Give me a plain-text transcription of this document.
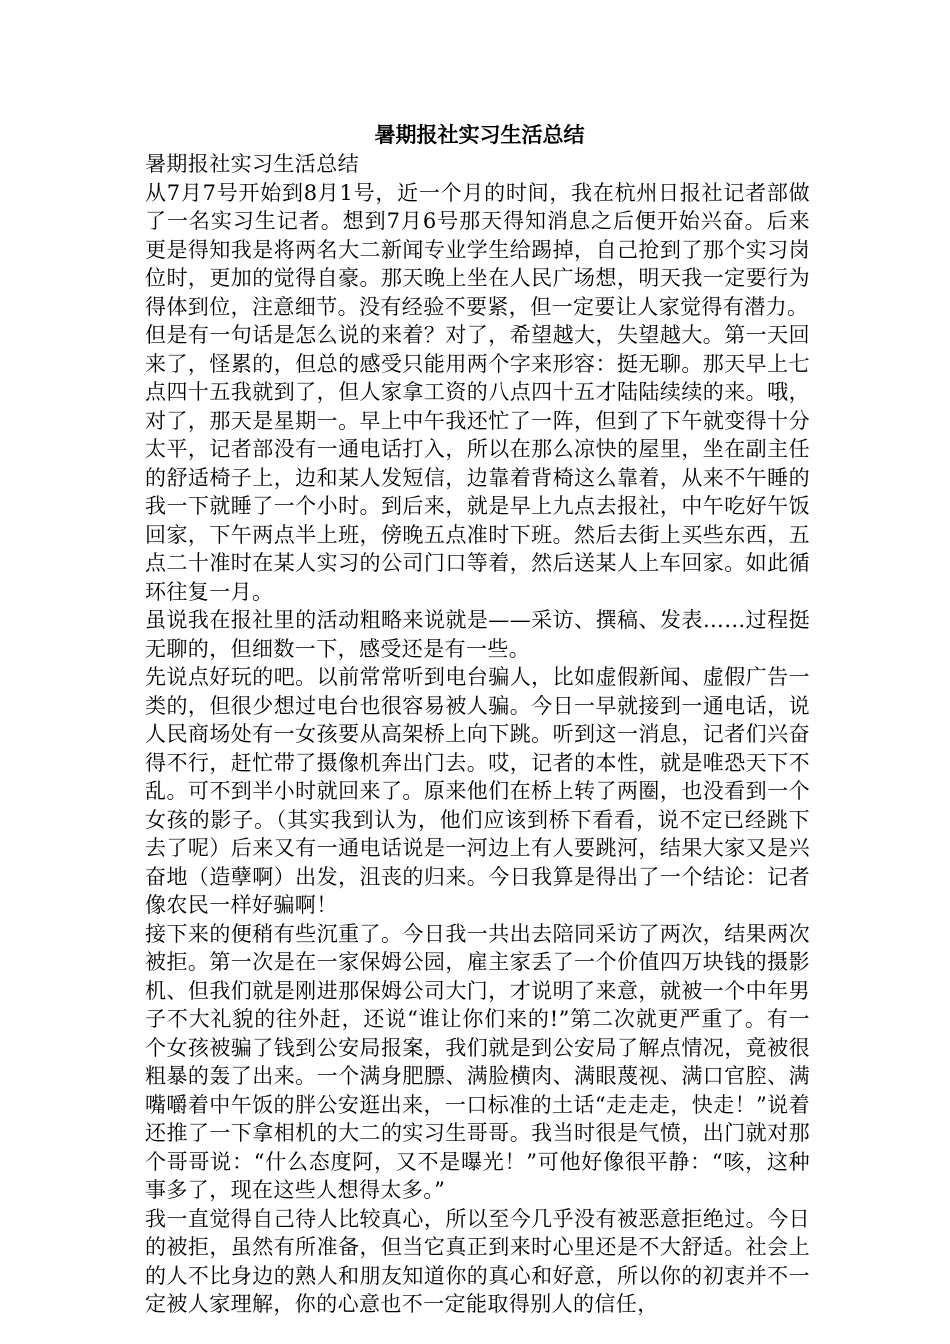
暑期报社实习生活总结

暑期报社实习生活总结

从7月7号开始到8月1号，近一个月的时间，我在杭州日报社记者部做了一名实习生记者。想到7月6号那天得知消息之后便开始兴奋。后来更是得知我是将两名大二新闻专业学生给踢掉，自己抢到了那个实习岗位时，更加的觉得自豪。那天晚上坐在人民广场想，明天我一定要行为得体到位，注意细节。没有经验不要紧，但一定要让人家觉得有潜力。

但是有一句话是怎么说的来着？对了，希望越大，失望越大。第一天回来了，怪累的，但总的感受只能用两个字来形容：挺无聊。那天早上七点四十五我就到了，但人家拿工资的八点四十五才陆陆续续的来。哦，对了，那天是星期一。早上中午我还忙了一阵，但到了下午就变得十分太平，记者部没有一通电话打入，所以在那么凉快的屋里，坐在副主任的舒适椅子上，边和某人发短信，边靠着背椅这么靠着，从来不午睡的我一下就睡了一个小时。到后来，就是早上九点去报社，中午吃好午饭回家，下午两点半上班，傍晚五点准时下班。然后去街上买些东西，五点二十准时在某人实习的公司门口等着，然后送某人上车回家。如此循环往复一月。

虽说我在报社里的活动粗略来说就是——采访、撰稿、发表……过程挺无聊的，但细数一下，感受还是有一些。

先说点好玩的吧。以前常常听到电台骗人，比如虚假新闻、虚假广告一类的，但很少想过电台也很容易被人骗。今日一早就接到一通电话，说人民商场处有一女孩要从高架桥上向下跳。听到这一消息，记者们兴奋得不行，赶忙带了摄像机奔出门去。哎，记者的本性，就是唯恐天下不乱。可不到半小时就回来了。原来他们在桥上转了两圈，也没看到一个女孩的影子。（其实我到认为，他们应该到桥下看看，说不定已经跳下去了呢）后来又有一通电话说是一河边上有人要跳河，结果大家又是兴奋地（造孽啊）出发，沮丧的归来。今日我算是得出了一个结论：记者像农民一样好骗啊！

接下来的便稍有些沉重了。今日我一共出去陪同采访了两次，结果两次被拒。第一次是在一家保姆公园，雇主家丢了一个价值四万块钱的摄影机、但我们就是刚进那保姆公司大门，才说明了来意，就被一个中年男子不大礼貌的往外赶，还说“谁让你们来的!”第二次就更严重了。有一个女孩被骗了钱到公安局报案，我们就是到公安局了解点情况，竟被很粗暴的轰了出来。一个满身肥膘、满脸横肉、满眼蔑视、满口官腔、满嘴嚼着中午饭的胖公安逛出来，一口标准的土话“走走走，快走！”说着还推了一下拿相机的大二的实习生哥哥。我当时很是气愤，出门就对那个哥哥说：“什么态度阿，又不是曝光！”可他好像很平静：“咳，这种事多了，现在这些人想得太多。”

我一直觉得自己待人比较真心，所以至今几乎没有被恶意拒绝过。今日的被拒，虽然有所准备，但当它真正到来时心里还是不大舒适。社会上的人不比身边的熟人和朋友知道你的真心和好意，所以你的初衷并不一定被人家理解，你的心意也不一定能取得别人的信任，
